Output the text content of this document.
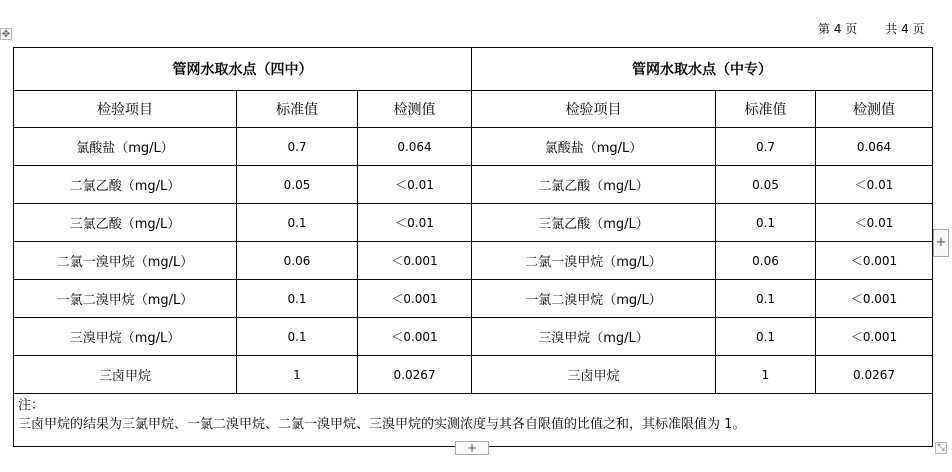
第 4 页 共 4 页
✥
管网水取水点（四中）			管网水取水点（中专）		
检验项目	标准值	检测值	检验项目	标准值	检测值
氯酸盐（mg/L）	0.7	0.064	氯酸盐（mg/L）	0.7	0.064
二氯乙酸（mg/L）	0.05	＜0.01	二氯乙酸（mg/L）	0.05	＜0.01
三氯乙酸（mg/L）	0.1	＜0.01	三氯乙酸（mg/L）	0.1	＜0.01
二氯一溴甲烷（mg/L）	0.06	＜0.001	二氯一溴甲烷（mg/L）	0.06	＜0.001
一氯二溴甲烷（mg/L）	0.1	＜0.001	一氯二溴甲烷（mg/L）	0.1	＜0.001
三溴甲烷（mg/L）	0.1	＜0.001	三溴甲烷（mg/L）	0.1	＜0.001
三卤甲烷	1	0.0267	三卤甲烷	1	0.0267

注：
三卤甲烷的结果为三氯甲烷、一氯二溴甲烷、二氯一溴甲烷、三溴甲烷的实测浓度与其各自限值的比值之和，其标准限值为 1。					
+
+	⤡
